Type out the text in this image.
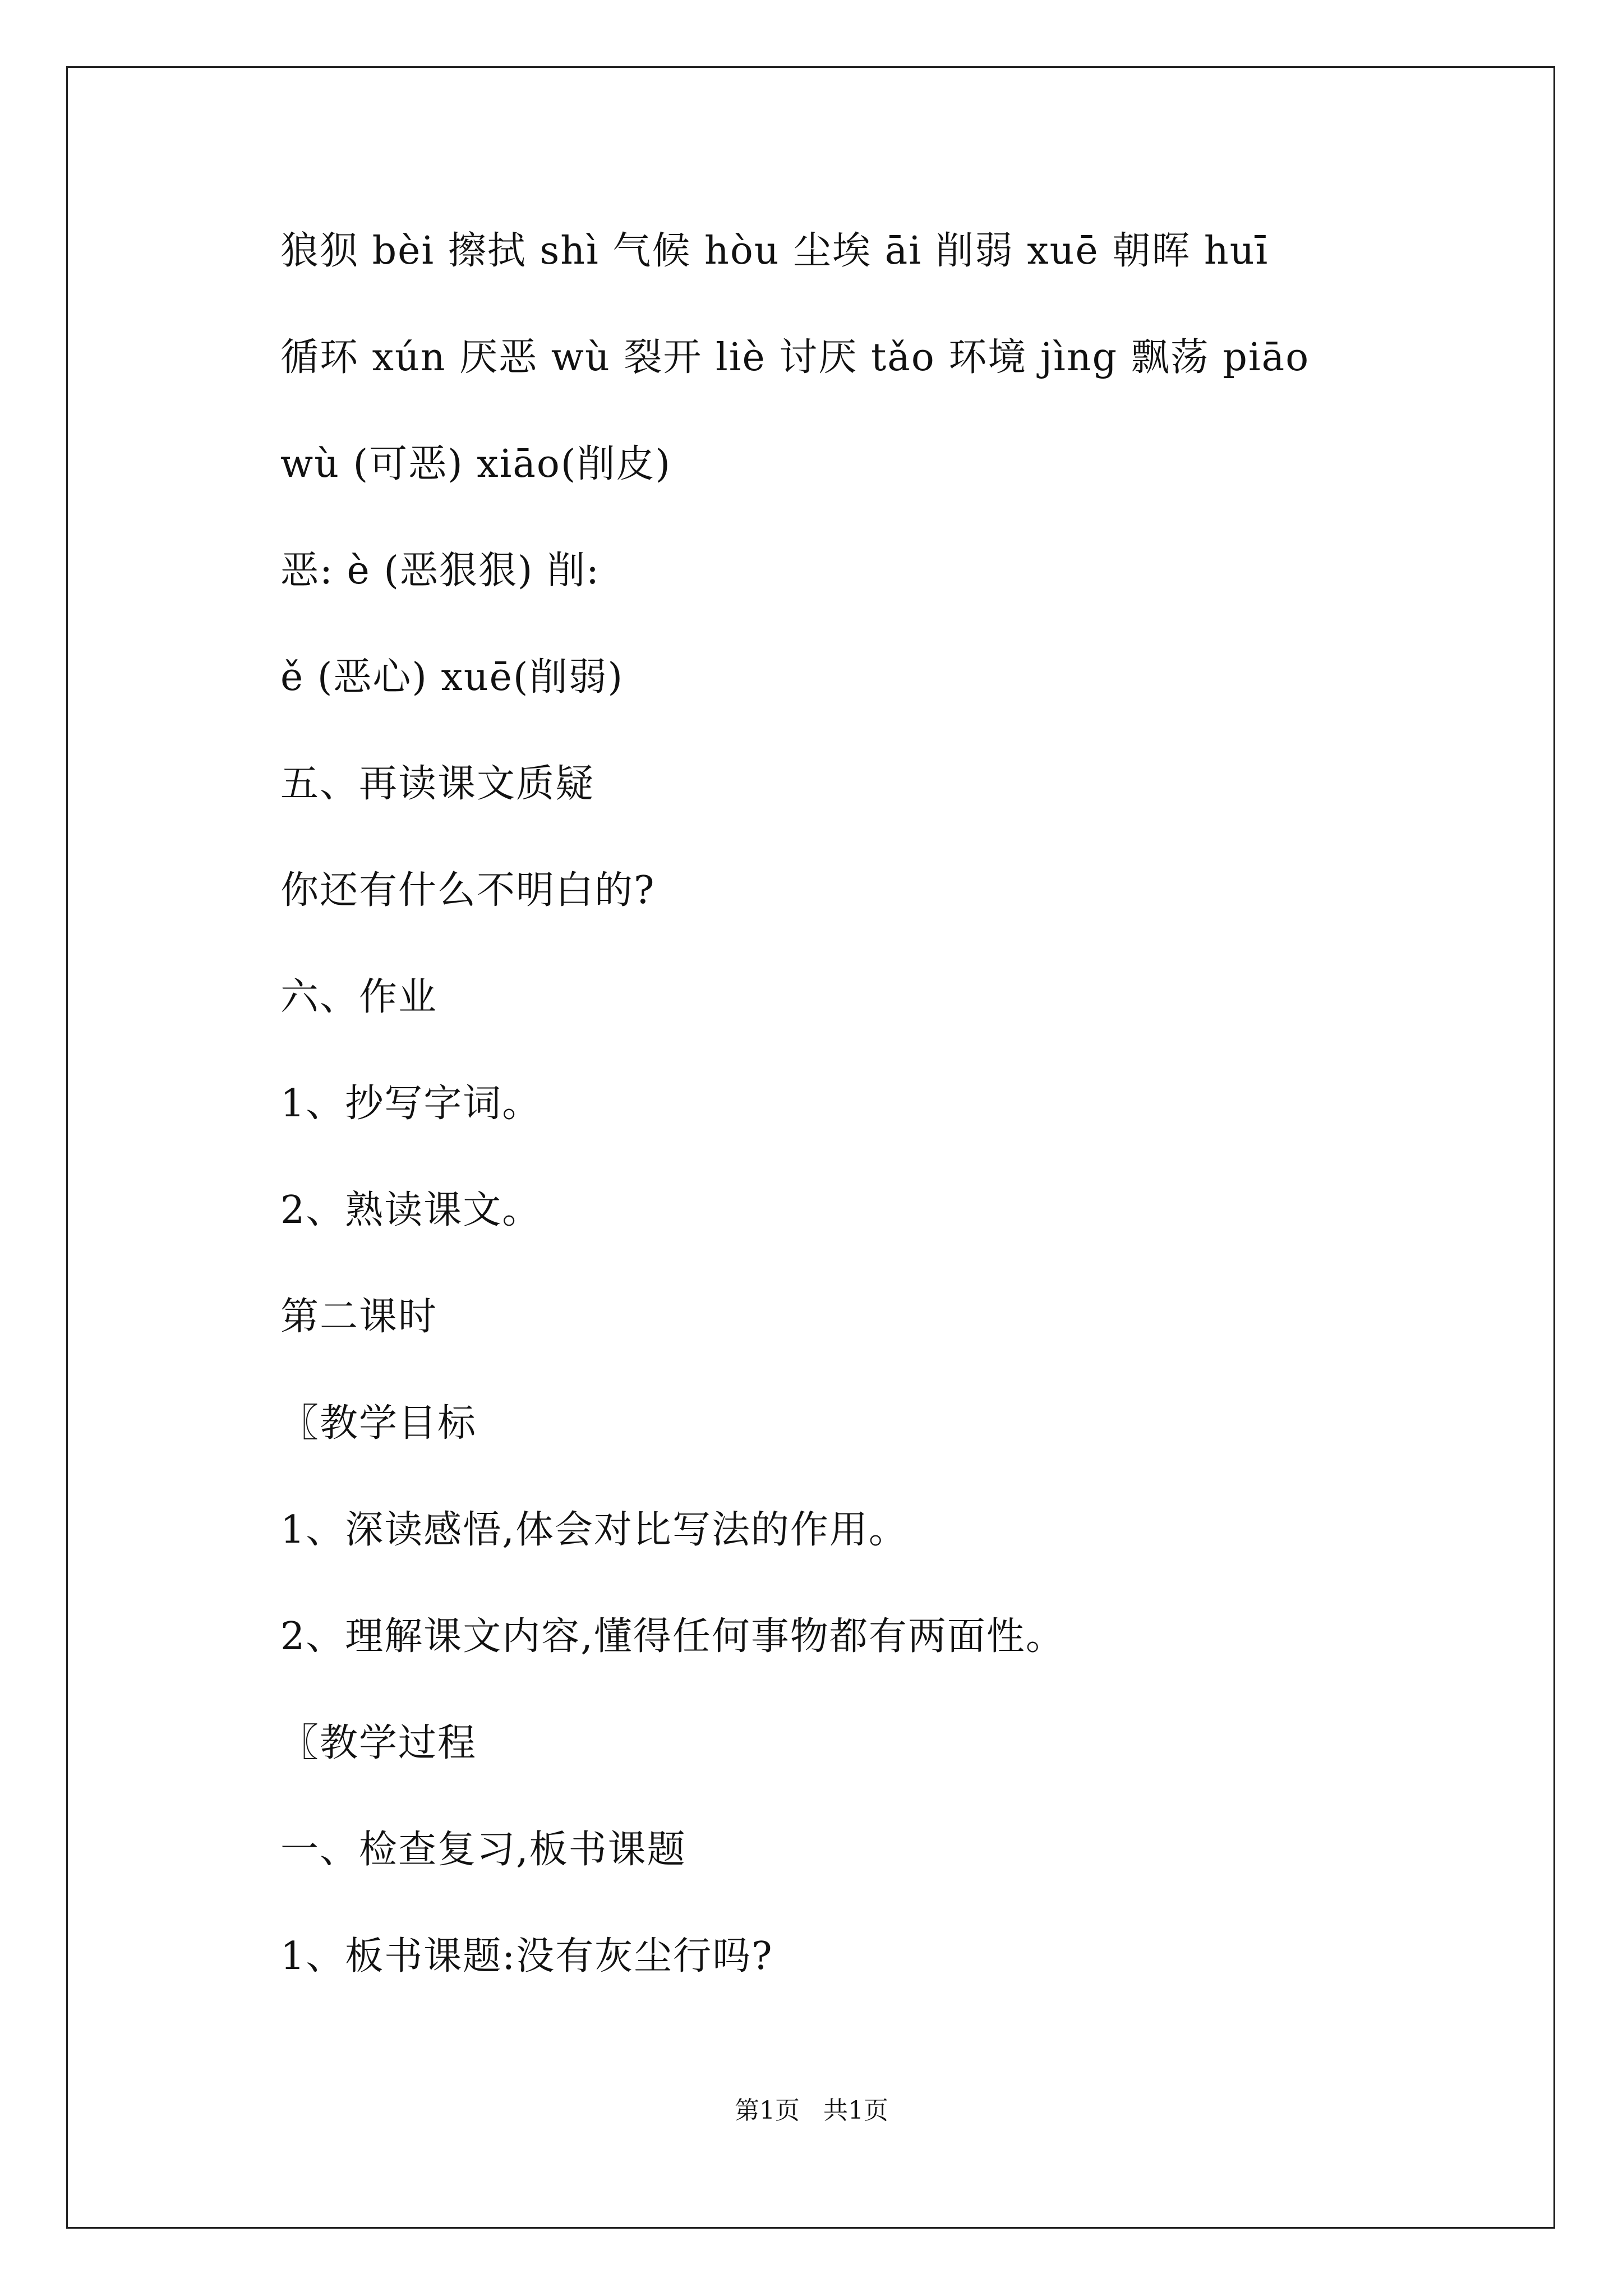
狼狈 bèi 擦拭 shì 气候 hòu 尘埃 āi 削弱 xuē 朝晖 huī
循环 xún 厌恶 wù 裂开 liè 讨厌 tǎo 环境 jìng 飘荡 piāo
wù (可恶) xiāo(削皮)
恶: è (恶狠狠) 削:
ě (恶心) xuē(削弱)
五、再读课文质疑
你还有什么不明白的?
六、作业
1、抄写字词。
2、熟读课文。
第二课时
〖教学目标
1、深读感悟,体会对比写法的作用。
2、理解课文内容,懂得任何事物都有两面性。
〖教学过程
一、检查复习,板书课题
1、板书课题:没有灰尘行吗?
第1页   共1页
